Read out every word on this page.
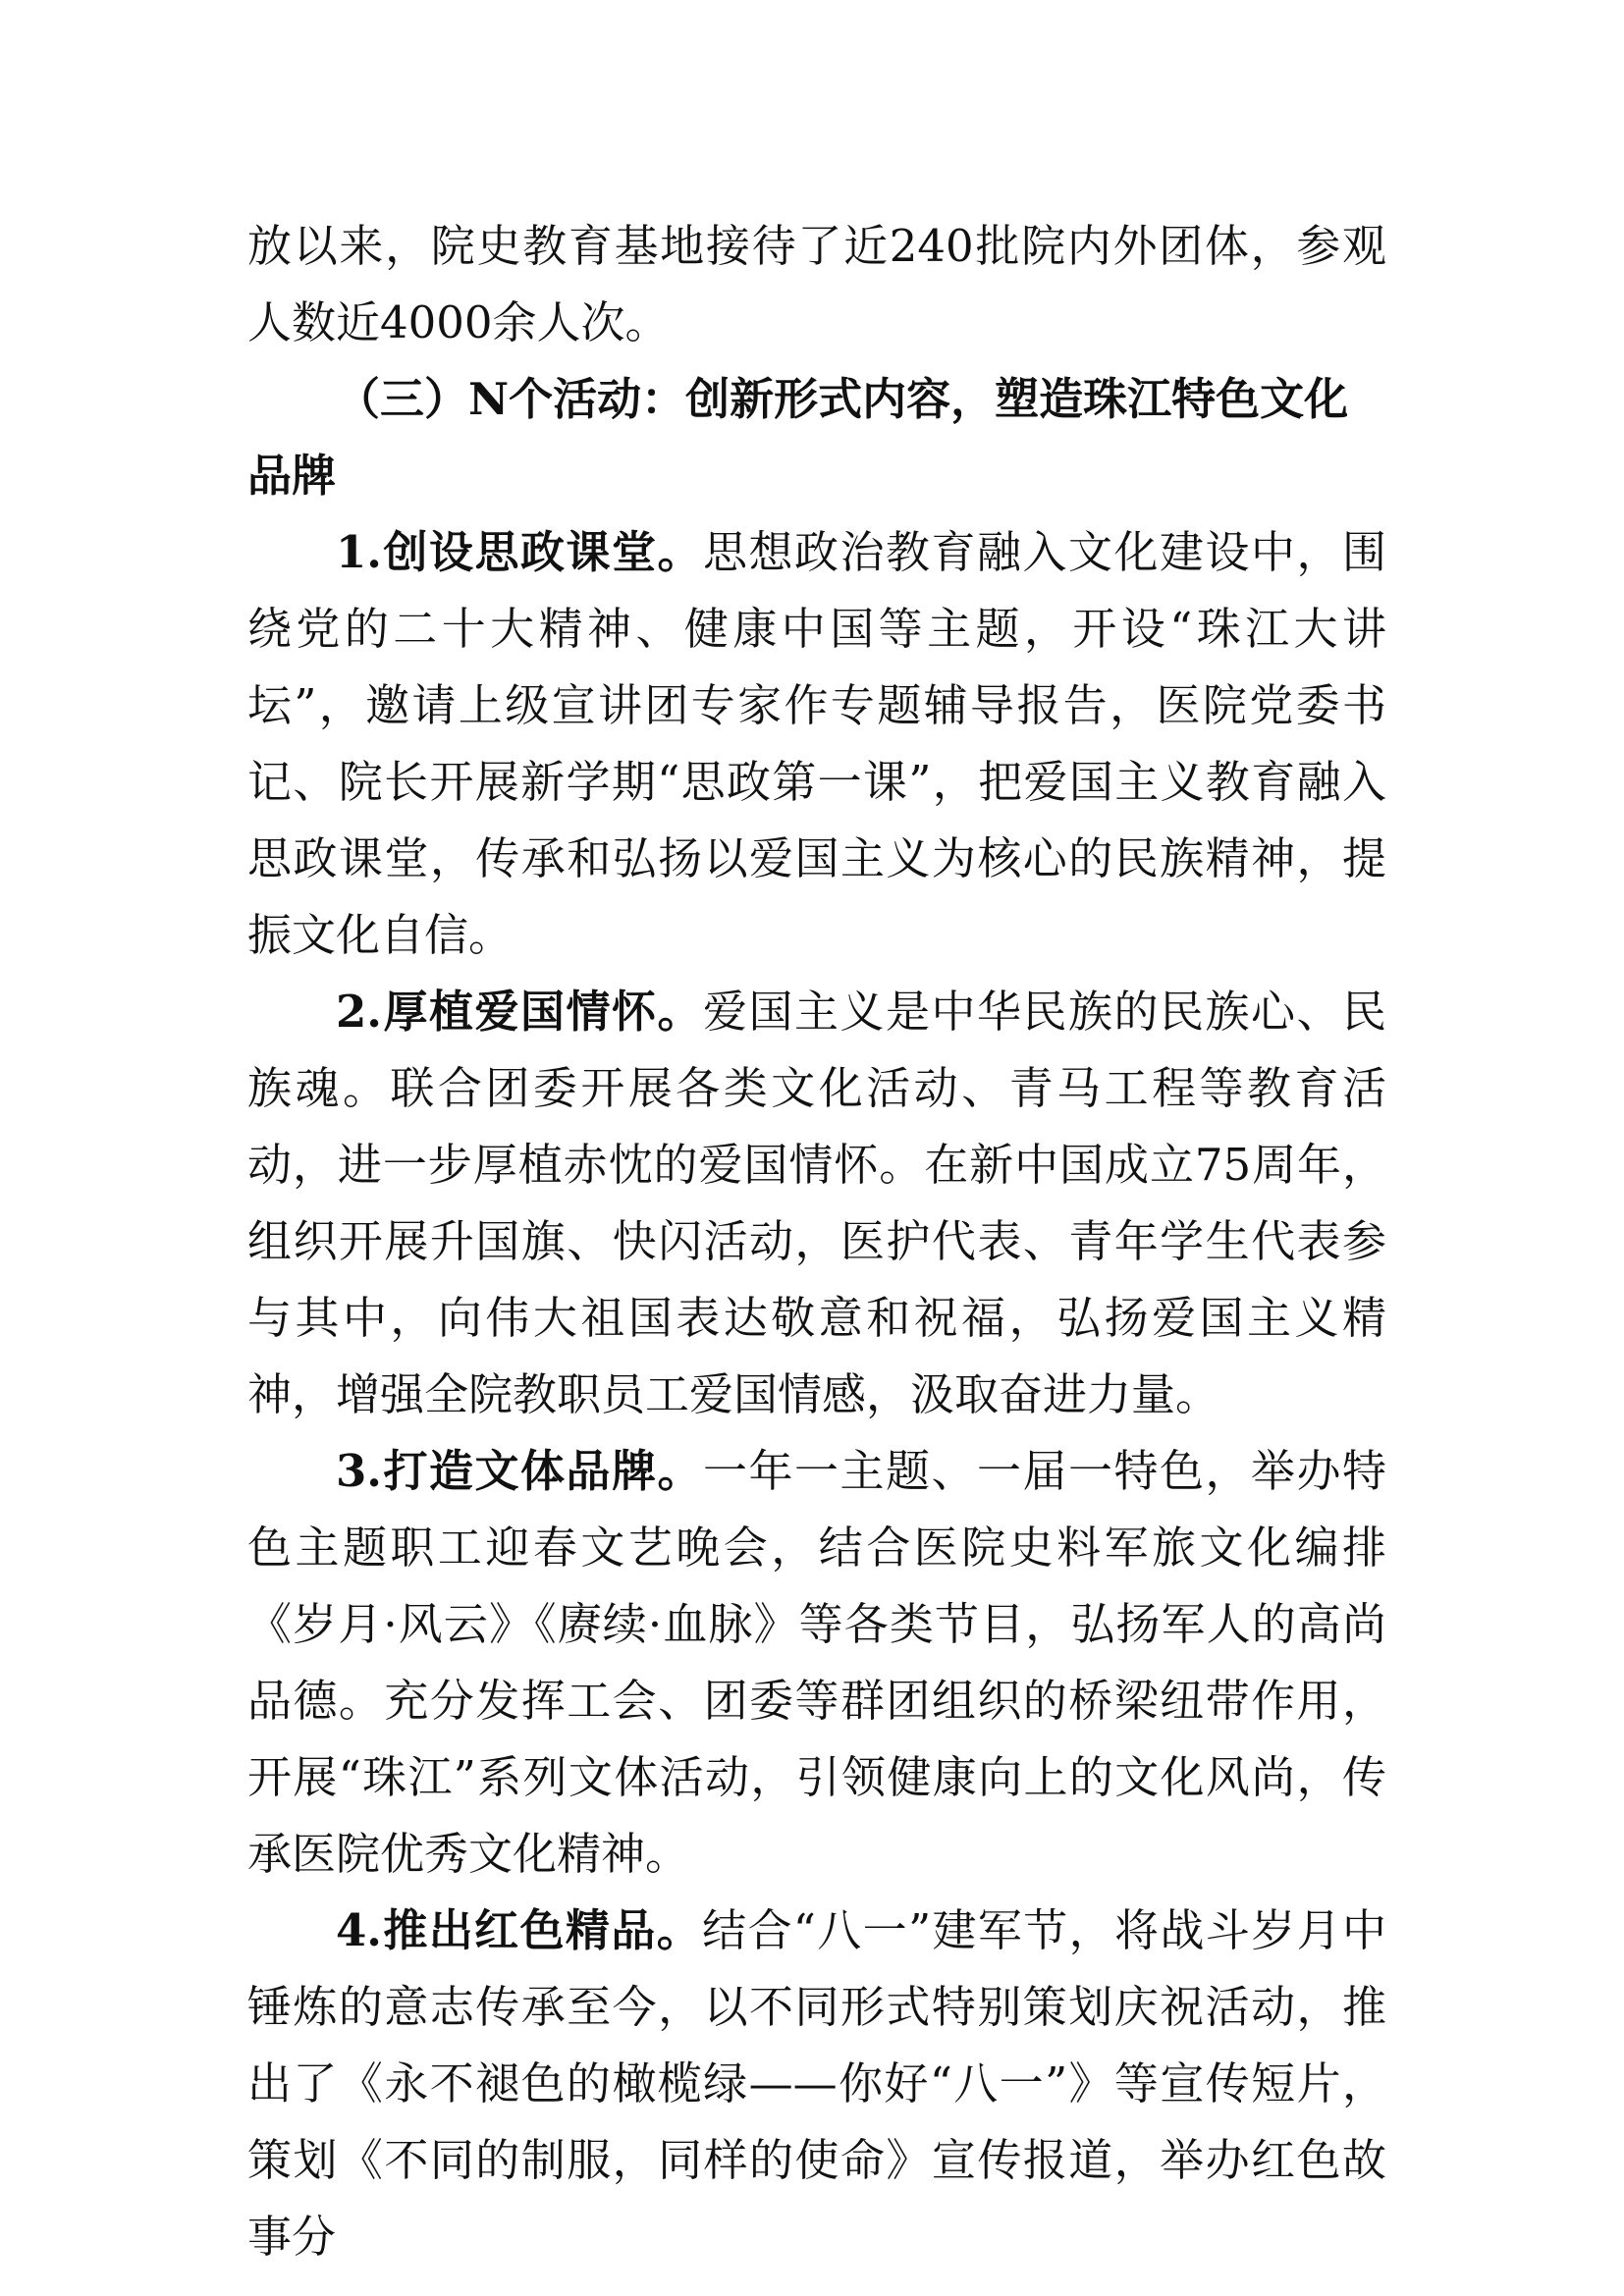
放以来，院史教育基地接待了近240批院内外团体，参观人数近4000余人次。

（三）N个活动：创新形式内容，塑造珠江特色文化品牌

1.创设思政课堂。思想政治教育融入文化建设中，围绕党的二十大精神、健康中国等主题，开设“珠江大讲坛”，邀请上级宣讲团专家作专题辅导报告，医院党委书记、院长开展新学期“思政第一课”，把爱国主义教育融入思政课堂，传承和弘扬以爱国主义为核心的民族精神，提振文化自信。

2.厚植爱国情怀。爱国主义是中华民族的民族心、民族魂。联合团委开展各类文化活动、青马工程等教育活动，进一步厚植赤忱的爱国情怀。在新中国成立75周年，组织开展升国旗、快闪活动，医护代表、青年学生代表参与其中，向伟大祖国表达敬意和祝福，弘扬爱国主义精神，增强全院教职员工爱国情感，汲取奋进力量。

3.打造文体品牌。一年一主题、一届一特色，举办特色主题职工迎春文艺晚会，结合医院史料军旅文化编排《岁月·风云》《赓续·血脉》等各类节目，弘扬军人的高尚品德。充分发挥工会、团委等群团组织的桥梁纽带作用，开展“珠江”系列文体活动，引领健康向上的文化风尚，传承医院优秀文化精神。

4.推出红色精品。结合“八一”建军节，将战斗岁月中锤炼的意志传承至今，以不同形式特别策划庆祝活动，推出了《永不褪色的橄榄绿——你好“八一”》等宣传短片，策划《不同的制服，同样的使命》宣传报道，举办红色故事分
